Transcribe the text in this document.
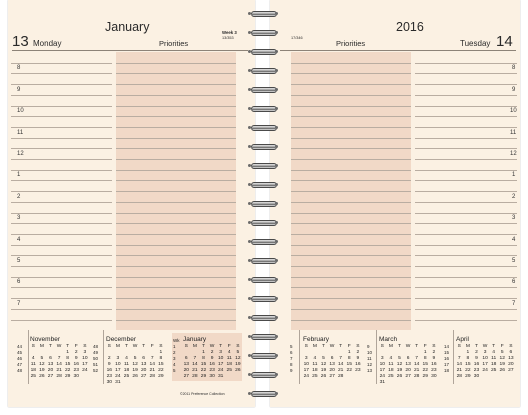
January
13 Monday	Priorities
Week 3
13/353
8
9
10
11
12
1
2
3
4
5
6
7
November
S	M	T	W	T	F	S
				1	2	3
4	5	6	7	8	9	10
11	12	13	14	15	16	17
18	19	20	21	22	23	24
25	26	27	28	29	30	
December
S	M	T	W	T	F	S
						1
2	3	4	5	6	7	8
9	10	11	12	13	14	15
16	17	18	19	20	21	22
23	24	25	26	27	28	29
30	31					
January
S	M	T	W	T	F	S
		1	2	3	4	5
6	7	8	9	10	11	12
13	14	15	16	17	18	19
20	21	22	23	24	25	26
27	28	29	30	31		
44
45
46
47
48
48
49
50
51
52
Wk
1
2
3
4
5
©2011 Preference Collection
2016
Tuesday 14
Priorities
17/346
8
9
10
11
12
1
2
3
4
5
6
7
February
S	M	T	W	T	F	S
					1	2
3	4	5	6	7	8	9
10	11	12	13	14	15	16
17	18	19	20	21	22	23
24	25	26	27	28		
March
S	M	T	W	T	F	S
					1	2
3	4	5	6	7	8	9
10	11	12	13	14	15	16
17	18	19	20	21	22	23
24	25	26	27	28	29	30
31						
April
S	M	T	W	T	F	S
	1	2	3	4	5	6
7	8	9	10	11	12	13
14	15	16	17	18	19	20
21	22	23	24	25	26	27
28	29	30				
5
6
7
8
9
9
10
11
12
13
14
15
16
17
18
